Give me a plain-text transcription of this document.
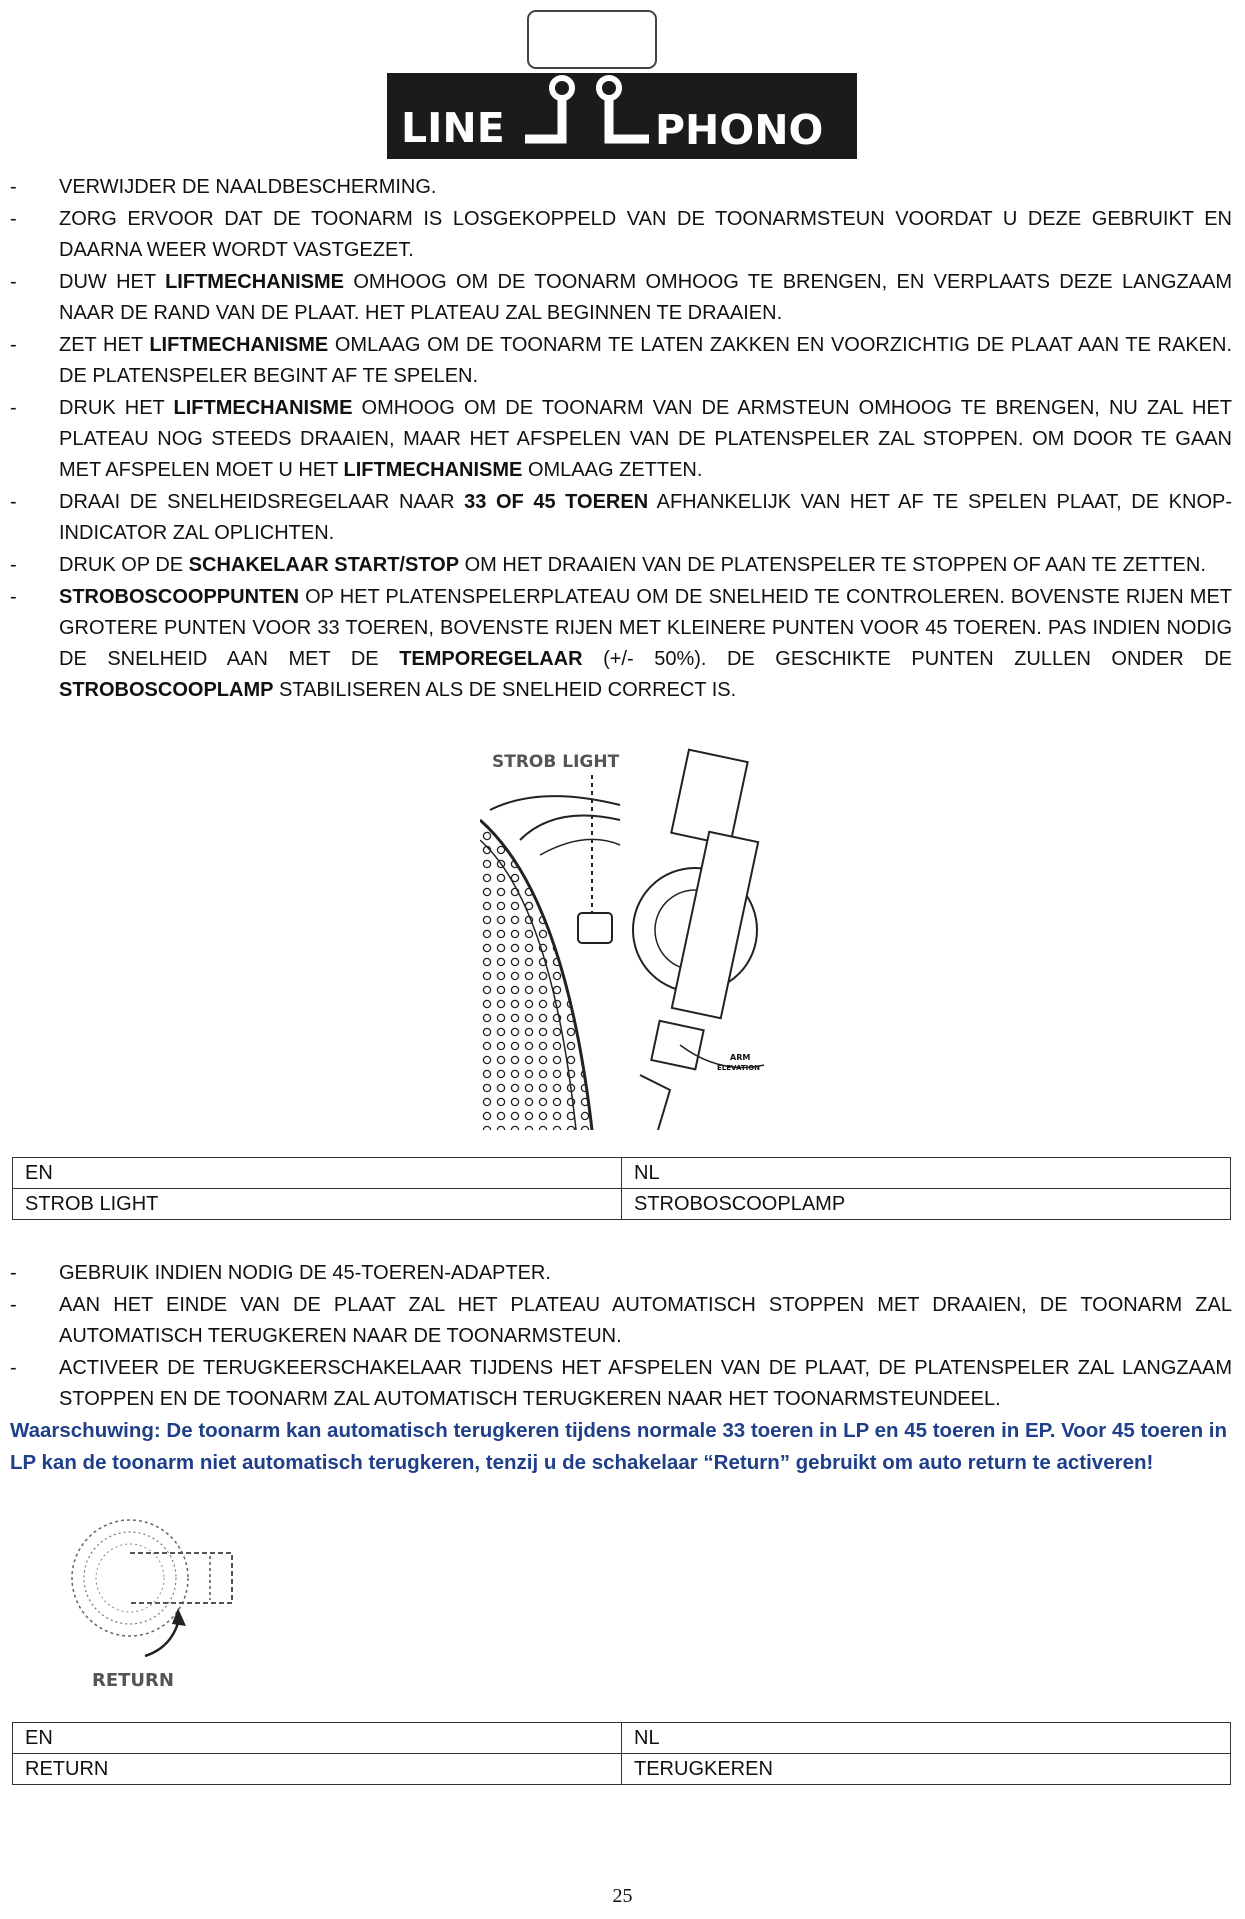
LINE	PHONO
- VERWIJDER DE NAALDBESCHERMING.
- ZORG ERVOOR DAT DE TOONARM IS LOSGEKOPPELD VAN DE TOONARMSTEUN VOORDAT U DEZE GEBRUIKT EN DAARNA WEER WORDT VASTGEZET.
- DUW HET LIFTMECHANISME OMHOOG OM DE TOONARM OMHOOG TE BRENGEN, EN VERPLAATS DEZE LANGZAAM NAAR DE RAND VAN DE PLAAT. HET PLATEAU ZAL BEGINNEN TE DRAAIEN.
- ZET HET LIFTMECHANISME OMLAAG OM DE TOONARM TE LATEN ZAKKEN EN VOORZICHTIG DE PLAAT AAN TE RAKEN. DE PLATENSPELER BEGINT AF TE SPELEN.
- DRUK HET LIFTMECHANISME OMHOOG OM DE TOONARM VAN DE ARMSTEUN OMHOOG TE BRENGEN, NU ZAL HET PLATEAU NOG STEEDS DRAAIEN, MAAR HET AFSPELEN VAN DE PLATENSPELER ZAL STOPPEN. OM DOOR TE GAAN MET AFSPELEN MOET U HET LIFTMECHANISME OMLAAG ZETTEN.
- DRAAI DE SNELHEIDSREGELAAR NAAR 33 OF 45 TOEREN AFHANKELIJK VAN HET AF TE SPELEN PLAAT, DE KNOP-INDICATOR ZAL OPLICHTEN.
- DRUK OP DE SCHAKELAAR START/STOP OM HET DRAAIEN VAN DE PLATENSPELER TE STOPPEN OF AAN TE ZETTEN.
- STROBOSCOOPPUNTEN OP HET PLATENSPELERPLATEAU OM DE SNELHEID TE CONTROLEREN. BOVENSTE RIJEN MET GROTERE PUNTEN VOOR 33 TOEREN, BOVENSTE RIJEN MET KLEINERE PUNTEN VOOR 45 TOEREN. PAS INDIEN NODIG DE SNELHEID AAN MET DE TEMPOREGELAAR (+/- 50%). DE GESCHIKTE PUNTEN ZULLEN ONDER DE STROBOSCOOPLAMP STABILISEREN ALS DE SNELHEID CORRECT IS.
STROB LIGHT
ARM
ELEVATION
EN	NL
STROB LIGHT	STROBOSCOOPLAMP
- GEBRUIK INDIEN NODIG DE 45-TOEREN-ADAPTER.
- AAN HET EINDE VAN DE PLAAT ZAL HET PLATEAU AUTOMATISCH STOPPEN MET DRAAIEN, DE TOONARM ZAL AUTOMATISCH TERUGKEREN NAAR DE TOONARMSTEUN.
- ACTIVEER DE TERUGKEERSCHAKELAAR TIJDENS HET AFSPELEN VAN DE PLAAT, DE PLATENSPELER ZAL LANGZAAM STOPPEN EN DE TOONARM ZAL AUTOMATISCH TERUGKEREN NAAR HET TOONARMSTEUNDEEL.
Waarschuwing: De toonarm kan automatisch terugkeren tijdens normale 33 toeren in LP en 45 toeren in EP. Voor 45 toeren in LP kan de toonarm niet automatisch terugkeren, tenzij u de schakelaar “Return” gebruikt om auto return te activeren!
RETURN
EN	NL
RETURN	TERUGKEREN
25
